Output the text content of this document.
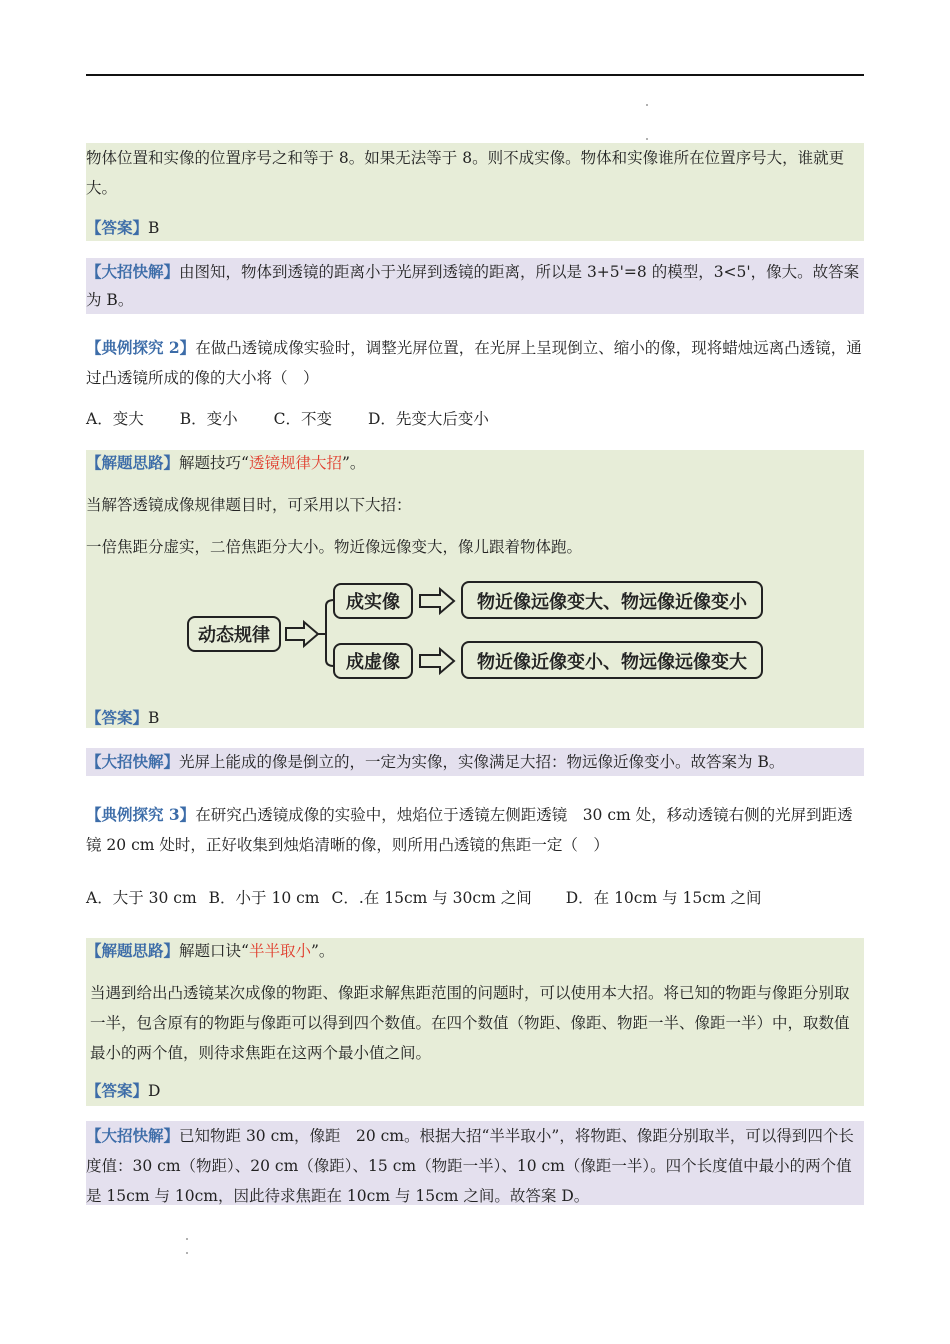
物体位置和实像的位置序号之和等于 8。如果无法等于 8。则不成实像。物体和实像谁所在位置序号大，谁就更大。

【答案】B

【大招快解】由图知，物体到透镜的距离小于光屏到透镜的距离，所以是 3+5'=8 的模型，3<5'，像大。故答案为 B。

【典例探究 2】在做凸透镜成像实验时，调整光屏位置，在光屏上呈现倒立、缩小的像，现将蜡烛远离凸透镜，通过凸透镜所成的像的大小将（　）

A．变大 B．变小 C．不变 D．先变大后变小

【解题思路】解题技巧“透镜规律大招”。

当解答透镜成像规律题目时，可采用以下大招：

一倍焦距分虚实，二倍焦距分大小。物近像远像变大，像儿跟着物体跑。

【答案】B

动态规律
成实像
成虚像
物近像远像变大、物远像近像变小
物近像近像变小、物远像远像变大

【大招快解】光屏上能成的像是倒立的，一定为实像，实像满足大招：物远像近像变小。故答案为 B。

【典例探究 3】在研究凸透镜成像的实验中，烛焰位于透镜左侧距透镜　30 cm 处，移动透镜右侧的光屏到距透镜 20 cm 处时，正好收集到烛焰清晰的像，则所用凸透镜的焦距一定（　）

A．大于 30 cm B．小于 10 cm C．.在 15cm 与 30cm 之间 D．在 10cm 与 15cm 之间

【解题思路】解题口诀“半半取小”。

当遇到给出凸透镜某次成像的物距、像距求解焦距范围的问题时，可以使用本大招。将已知的物距与像距分别取一半，包含原有的物距与像距可以得到四个数值。在四个数值（物距、像距、物距一半、像距一半）中，取数值最小的两个值，则待求焦距在这两个最小值之间。

【答案】D

【大招快解】已知物距 30 cm，像距　20 cm。根据大招“半半取小”，将物距、像距分别取半，可以得到四个长度值：30 cm（物距）、20 cm（像距）、15 cm（物距一半）、10 cm（像距一半）。四个长度值中最小的两个值是 15cm 与 10cm，因此待求焦距在 10cm 与 15cm 之间。故答案 D。
